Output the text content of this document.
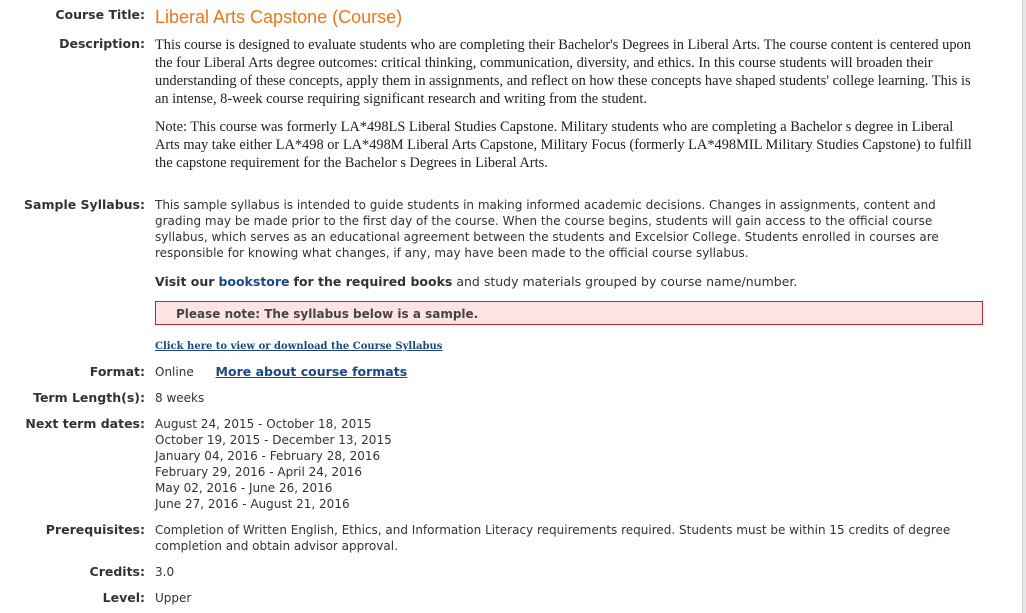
Course Title: Liberal Arts Capstone (Course)
Description: This course is designed to evaluate students who are completing their Bachelor's Degrees in Liberal Arts. The course content is centered upon the four Liberal Arts degree outcomes: critical thinking, communication, diversity, and ethics. In this course students will broaden their understanding of these concepts, apply them in assignments, and reflect on how these concepts have shaped students' college learning. This is an intense, 8-week course requiring significant research and writing from the student.

Note: This course was formerly LA*498LS Liberal Studies Capstone. Military students who are completing a Bachelor s degree in Liberal Arts may take either LA*498 or LA*498M Liberal Arts Capstone, Military Focus (formerly LA*498MIL Military Studies Capstone) to fulfill the capstone requirement for the Bachelor s Degrees in Liberal Arts.

Sample Syllabus: This sample syllabus is intended to guide students in making informed academic decisions. Changes in assignments, content and grading may be made prior to the first day of the course. When the course begins, students will gain access to the official course syllabus, which serves as an educational agreement between the students and Excelsior College. Students enrolled in courses are responsible for knowing what changes, if any, may have been made to the official course syllabus.
Visit our bookstore for the required books and study materials grouped by course name/number.
Please note: The syllabus below is a sample.
Click here to view or download the Course Syllabus
Format: Online More about course formats
Term Length(s): 8 weeks
Next term dates: August 24, 2015 - October 18, 2015
October 19, 2015 - December 13, 2015
January 04, 2016 - February 28, 2016
February 29, 2016 - April 24, 2016
May 02, 2016 - June 26, 2016
June 27, 2016 - August 21, 2016
Prerequisites: Completion of Written English, Ethics, and Information Literacy requirements required. Students must be within 15 credits of degree completion and obtain advisor approval.
Credits: 3.0
Level: Upper
